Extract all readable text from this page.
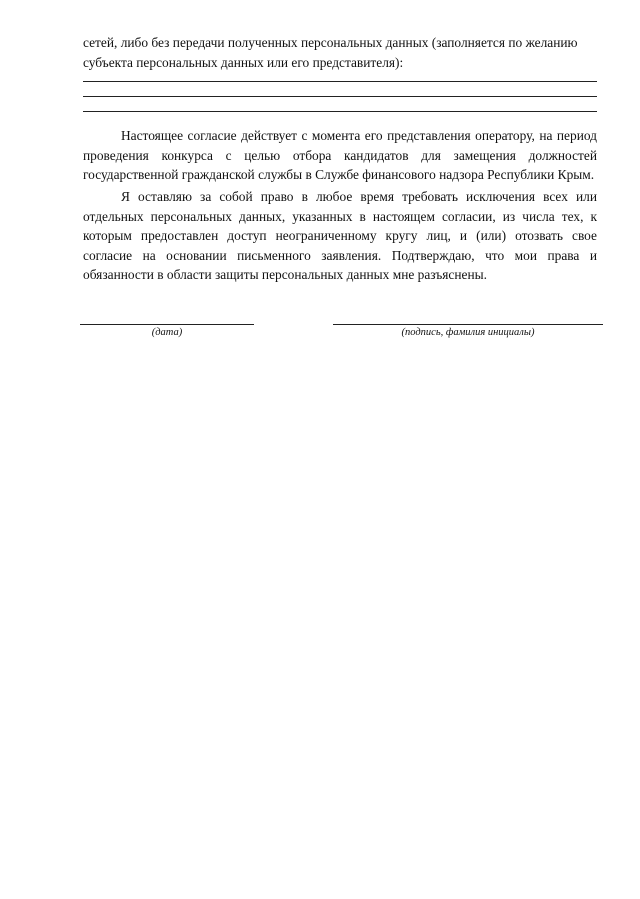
сетей, либо без передачи полученных персональных данных (заполняется по желанию субъекта персональных данных или его представителя):

Настоящее согласие действует с момента его представления оператору, на период проведения конкурса с целью отбора кандидатов для замещения должностей государственной гражданской службы в Службе финансового надзора Республики Крым.

Я оставляю за собой право в любое время требовать исключения всех или отдельных персональных данных, указанных в настоящем согласии, из числа тех, к которым предоставлен доступ неограниченному кругу лиц, и (или) отозвать свое согласие на основании письменного заявления. Подтверждаю, что мои права и обязанности в области защиты персональных данных мне разъяснены.

(дата)	(подпись, фамилия инициалы)
